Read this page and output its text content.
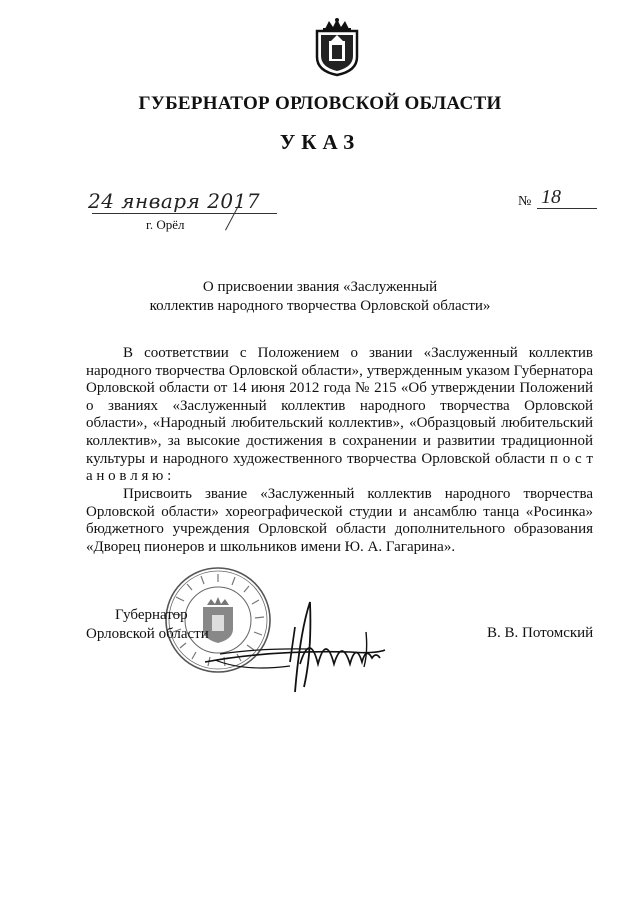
ГУБЕРНАТОР ОРЛОВСКОЙ ОБЛАСТИ
УКАЗ
24 января 2017
г. Орёл
№ 18
О присвоении звания «Заслуженный
коллектив народного творчества Орловской области»
В соответствии с Положением о звании «Заслуженный коллектив народного творчества Орловской области», утвержденным указом Губернатора Орловской области от 14 июня 2012 года № 215 «Об утверждении Положений о званиях «Заслуженный коллектив народного творчества Орловской области», «Народный любительский коллектив», «Образцовый любительский коллектив», за высокие достижения в сохранении и развитии традиционной культуры и народного художественного творчества Орловской области п о с т а н о в л я ю :
Присвоить звание «Заслуженный коллектив народного творчества Орловской области» хореографической студии и ансамблю танца «Росинка» бюджетного учреждения Орловской области дополнительного образования «Дворец пионеров и школьников имени Ю. А. Гагарина».
Губернатор
Орловской области	В. В. Потомский
